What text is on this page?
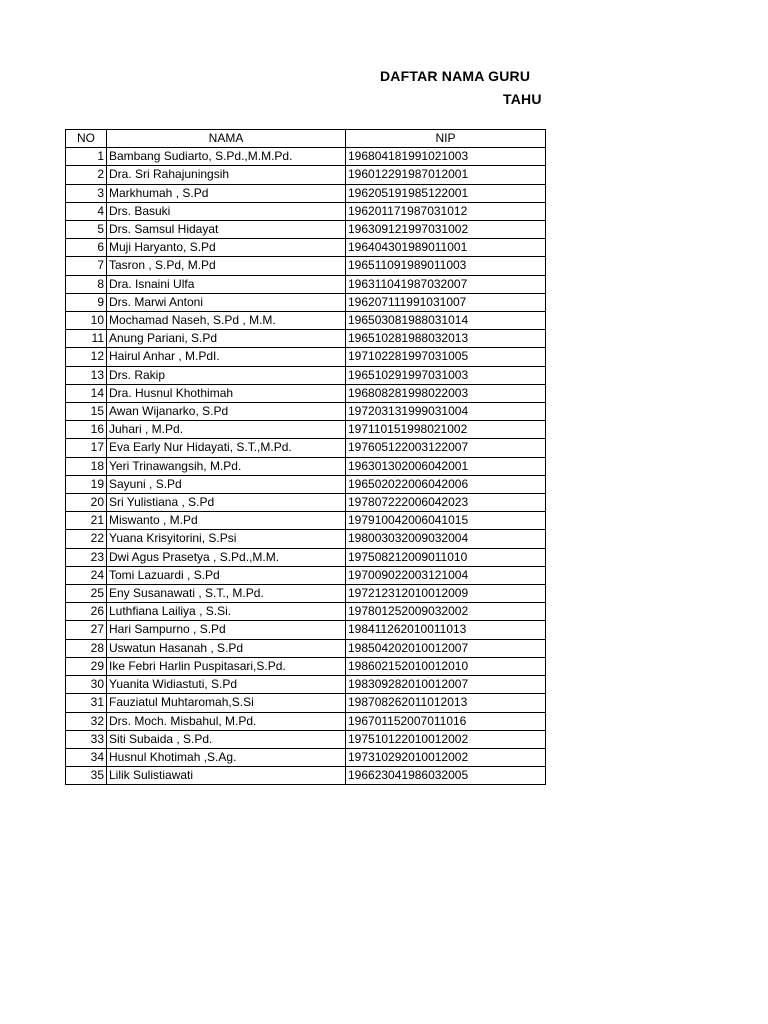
DAFTAR NAMA GURU
TAHU
NO	NAMA	NIP
1	Bambang Sudiarto, S.Pd.,M.M.Pd.	196804181991021003
2	Dra. Sri Rahajuningsih	196012291987012001
3	Markhumah , S.Pd	196205191985122001
4	Drs. Basuki	196201171987031012
5	Drs. Samsul Hidayat	196309121997031002
6	Muji Haryanto, S.Pd	196404301989011001
7	Tasron , S.Pd, M.Pd	196511091989011003
8	Dra. Isnaini Ulfa	196311041987032007
9	Drs. Marwi Antoni	196207111991031007
10	Mochamad Naseh, S.Pd , M.M.	196503081988031014
11	Anung Pariani, S.Pd	196510281988032013
12	Hairul Anhar , M.PdI.	197102281997031005
13	Drs. Rakip	196510291997031003
14	Dra. Husnul Khothimah	196808281998022003
15	Awan Wijanarko, S.Pd	197203131999031004
16	Juhari , M.Pd.	197110151998021002
17	Eva Early Nur Hidayati, S.T.,M.Pd.	197605122003122007
18	Yeri Trinawangsih, M.Pd.	196301302006042001
19	Sayuni , S.Pd	196502022006042006
20	Sri Yulistiana , S.Pd	197807222006042023
21	Miswanto , M.Pd	197910042006041015
22	Yuana Krisyitorini, S.Psi	198003032009032004
23	Dwi Agus Prasetya , S.Pd.,M.M.	197508212009011010
24	Tomi Lazuardi , S.Pd	197009022003121004
25	Eny Susanawati , S.T., M.Pd.	197212312010012009
26	Luthfiana Lailiya , S.Si.	197801252009032002
27	Hari Sampurno , S.Pd	198411262010011013
28	Uswatun Hasanah , S.Pd	198504202010012007
29	Ike Febri Harlin Puspitasari,S.Pd.	198602152010012010
30	Yuanita Widiastuti, S.Pd	198309282010012007
31	Fauziatul Muhtaromah,S.Si	198708262011012013
32	Drs. Moch. Misbahul, M.Pd.	196701152007011016
33	Siti Subaida , S.Pd.	197510122010012002
34	Husnul Khotimah ,S.Ag.	197310292010012002
35	Lilik Sulistiawati	196623041986032005
